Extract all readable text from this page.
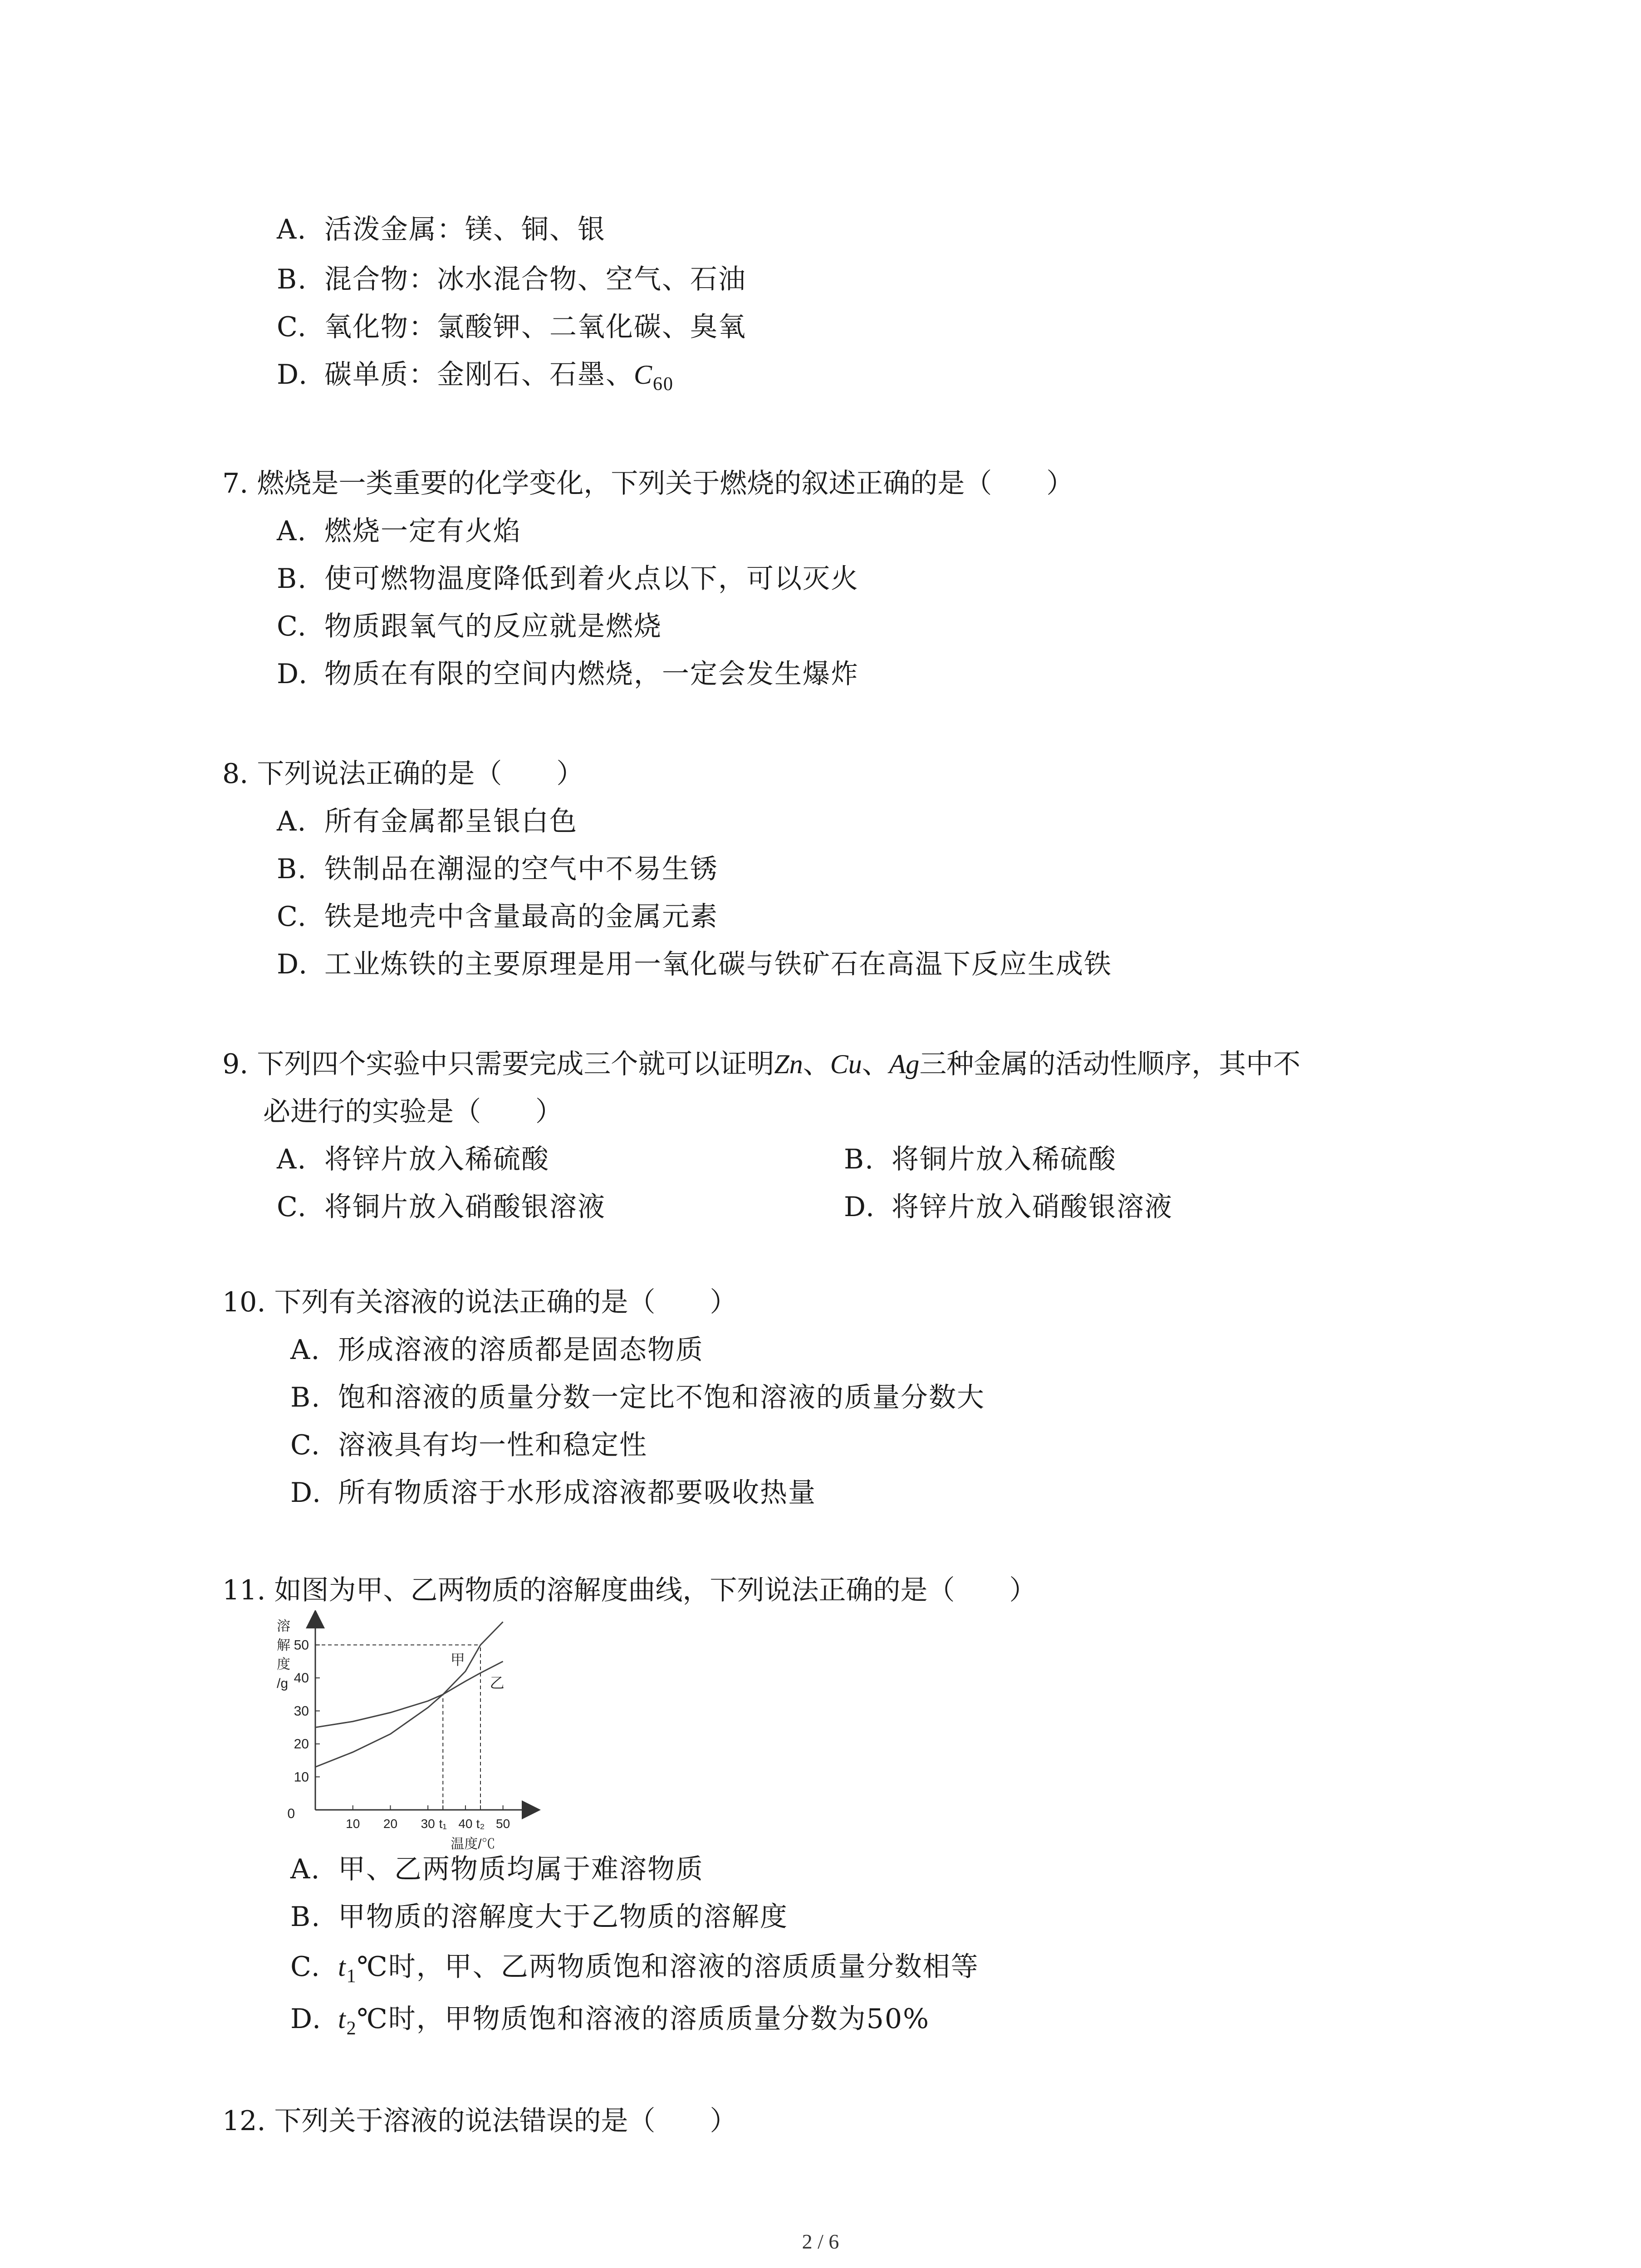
A. 活泼金属：镁、铜、银
B. 混合物：冰水混合物、空气、石油
C. 氧化物：氯酸钾、二氧化碳、臭氧
D. 碳单质：金刚石、石墨、$C_{60}$
7. 燃烧是一类重要的化学变化，下列关于燃烧的叙述正确的是（　　）
A. 燃烧一定有火焰
B. 使可燃物温度降低到着火点以下，可以灭火
C. 物质跟氧气的反应就是燃烧
D. 物质在有限的空间内燃烧，一定会发生爆炸
8. 下列说法正确的是（　　）
A. 所有金属都呈银白色
B. 铁制品在潮湿的空气中不易生锈
C. 铁是地壳中含量最高的金属元素
D. 工业炼铁的主要原理是用一氧化碳与铁矿石在高温下反应生成铁
9. 下列四个实验中只需要完成三个就可以证明Zn、Cu、Ag三种金属的活动性顺序，其中不
必进行的实验是（　　）
A. 将锌片放入稀硫酸	B. 将铜片放入稀硫酸
C. 将铜片放入硝酸银溶液	D. 将锌片放入硝酸银溶液
10. 下列有关溶液的说法正确的是（　　）
A. 形成溶液的溶质都是固态物质
B. 饱和溶液的质量分数一定比不饱和溶液的质量分数大
C. 溶液具有均一性和稳定性
D. 所有物质溶于水形成溶液都要吸收热量
11. 如图为甲、乙两物质的溶解度曲线，下列说法正确的是（　　）
0
10
20
30
40
50
10 20 30 t₁ 40 t₂ 50
甲
乙
溶
解
度
/g
温度/℃
A. 甲、乙两物质均属于难溶物质
B. 甲物质的溶解度大于乙物质的溶解度
C. $t_1℃$时，甲、乙两物质饱和溶液的溶质质量分数相等
D. $t_2℃$时，甲物质饱和溶液的溶质质量分数为50%
12. 下列关于溶液的说法错误的是（　　）
2 / 6
